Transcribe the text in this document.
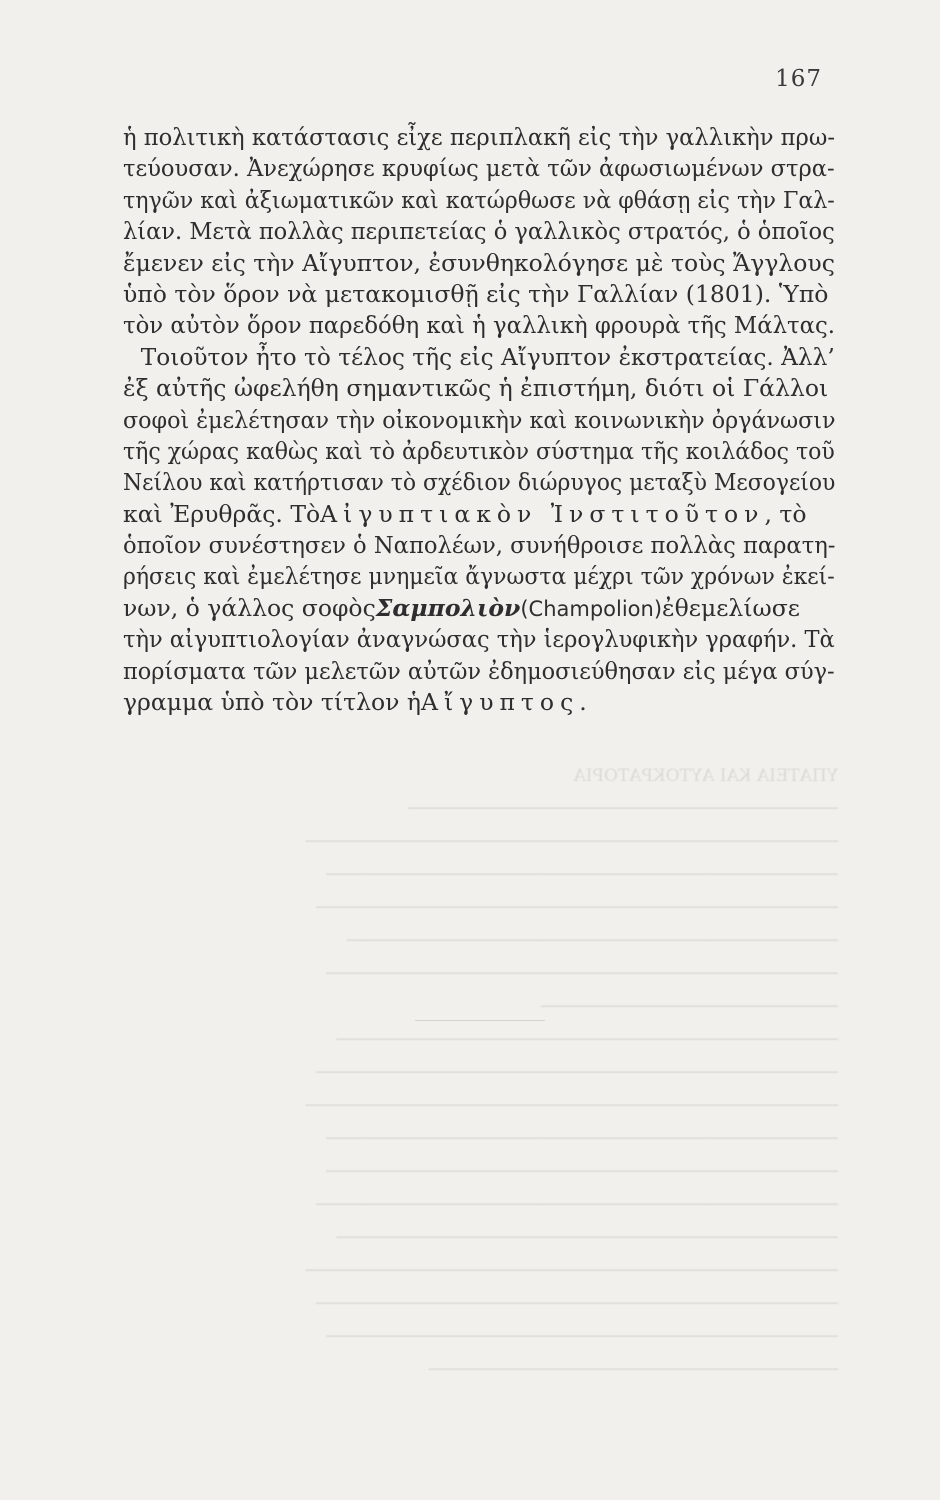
167
ἡ πολιτικὴ κατάστασις εἶχε περιπλακῆ εἰς τὴν γαλλικὴν πρω-
τεύουσαν. Ἀνεχώρησε κρυφίως μετὰ τῶν ἀφωσιωμένων στρα-
τηγῶν καὶ ἀξιωματικῶν καὶ κατώρθωσε νὰ φθάσῃ εἰς τὴν Γαλ-
λίαν. Μετὰ πολλὰς περιπετείας ὁ γαλλικὸς στρατός, ὁ ὁποῖος
ἔμενεν εἰς τὴν Αἴγυπτον, ἐσυνθηκολόγησε μὲ τοὺς Ἄγγλους
ὑπὸ τὸν ὅρον νὰ μετακομισθῇ εἰς τὴν Γαλλίαν (1801). Ὑπὸ
τὸν αὐτὸν ὅρον παρεδόθη καὶ ἡ γαλλικὴ φρουρὰ τῆς Μάλτας.
Τοιοῦτον ἦτο τὸ τέλος τῆς εἰς Αἴγυπτον ἐκστρατείας. Ἀλλ’
ἐξ αὐτῆς ὠφελήθη σημαντικῶς ἡ ἐπιστήμη, διότι οἱ Γάλλοι
σοφοὶ ἐμελέτησαν τὴν οἰκονομικὴν καὶ κοινωνικὴν ὀργάνωσιν
τῆς χώρας καθὼς καὶ τὸ ἀρδευτικὸν σύστημα τῆς κοιλάδος τοῦ
Νείλου καὶ κατήρτισαν τὸ σχέδιον διώρυγος μεταξὺ Μεσογείου
καὶ Ἐρυθρᾶς. ΤὸΑἰγυπτιακὸν Ἰνστιτοῦτον, τὸ
ὁποῖον συνέστησεν ὁ Ναπολέων, συνήθροισε πολλὰς παρατη-
ρήσεις καὶ ἐμελέτησε μνημεῖα ἄγνωστα μέχρι τῶν χρόνων ἐκεί-
νων, ὁ γάλλος σοφὸςΣαμπολιὸν(Champolion)ἐθεμελίωσε
τὴν αἰγυπτιολογίαν ἀναγνώσας τὴν ἱερογλυφικὴν γραφήν. Τὰ
πορίσματα τῶν μελετῶν αὐτῶν ἐδημοσιεύθησαν εἰς μέγα σύγ-
γραμμα ὑπὸ τὸν τίτλον ἡΑἴγυπτος.
ΥΠΑΤΕΙΑ ΚΑΙ ΑΥΤΟΚΡΑΤΟΡΙΑ
──────────────────────────────────────────
────────────────────────────────────────────────────
──────────────────────────────────────────────────
───────────────────────────────────────────────────
────────────────────────────────────────────────
──────────────────────────────────────────────────
─────────────────────────────
─────────────────────────────────────────────────
───────────────────────────────────────────────────
────────────────────────────────────────────────────
──────────────────────────────────────────────────
──────────────────────────────────────────────────
───────────────────────────────────────────────────
─────────────────────────────────────────────────
────────────────────────────────────────────────────
───────────────────────────────────────────────────
──────────────────────────────────────────────────
────────────────────────────────────────
